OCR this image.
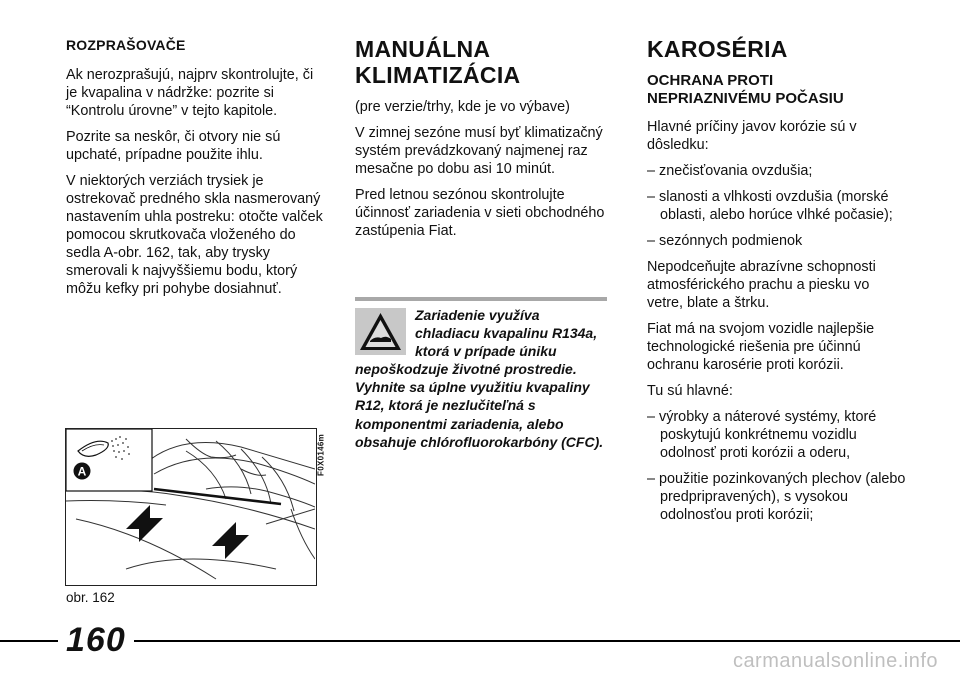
ROZPRAŠOVAČE

Ak nerozprašujú, najprv skontrolujte, či je kvapalina v nádržke: pozrite si “Kontrolu úrovne” v tejto kapitole.

Pozrite sa neskôr, či otvory nie sú upchaté, prípadne použite ihlu.

V niektorých verziách trysiek je ostrekovač predného skla nasmerovaný nastavením uhla postreku: otočte valček pomocou skrutkovača vloženého do sedla A-obr. 162, tak, aby trysky smerovali k najvyššiemu bodu, ktorý môžu kefky pri pohybe dosiahnuť.

A	F0X0146m
obr. 162
MANUÁLNA
KLIMATIZÁCIA

(pre verzie/trhy, kde je vo výbave)

V zimnej sezóne musí byť klimatizačný systém prevádzkovaný najmenej raz mesačne po dobu asi 10 minút.

Pred letnou sezónou skontrolujte účinnosť zariadenia v sieti obchodného zastúpenia Fiat.

Zariadenie využíva chladiacu kvapalinu R134a, ktorá v prípade úniku nepoškodzuje životné prostredie. Vyhnite sa úplne využitiu kvapaliny R12, ktorá je nezlučiteľná s komponentmi zariadenia, alebo obsahuje chlórofluorokarbóny (CFC).
KAROSÉRIA
OCHRANA PROTI
NEPRIAZNIVÉMU POČASIU

Hlavné príčiny javov korózie sú v dôsledku:

– znečisťovania ovzdušia;

– slanosti a vlhkosti ovzdušia (morské oblasti, alebo horúce vlhké počasie);

– sezónnych podmienok

Nepodceňujte abrazívne schopnosti atmosférického prachu a piesku vo vetre, blate a štrku.

Fiat má na svojom vozidle najlepšie technologické riešenia pre účinnú ochranu karosérie proti korózii.

Tu sú hlavné:

– výrobky a náterové systémy, ktoré poskytujú konkrétnemu vozidlu odolnosť proti korózii a oderu,

– použitie pozinkovaných plechov (alebo predpripravených), s vysokou odolnosťou proti korózii;

160
carmanualsonline.info
